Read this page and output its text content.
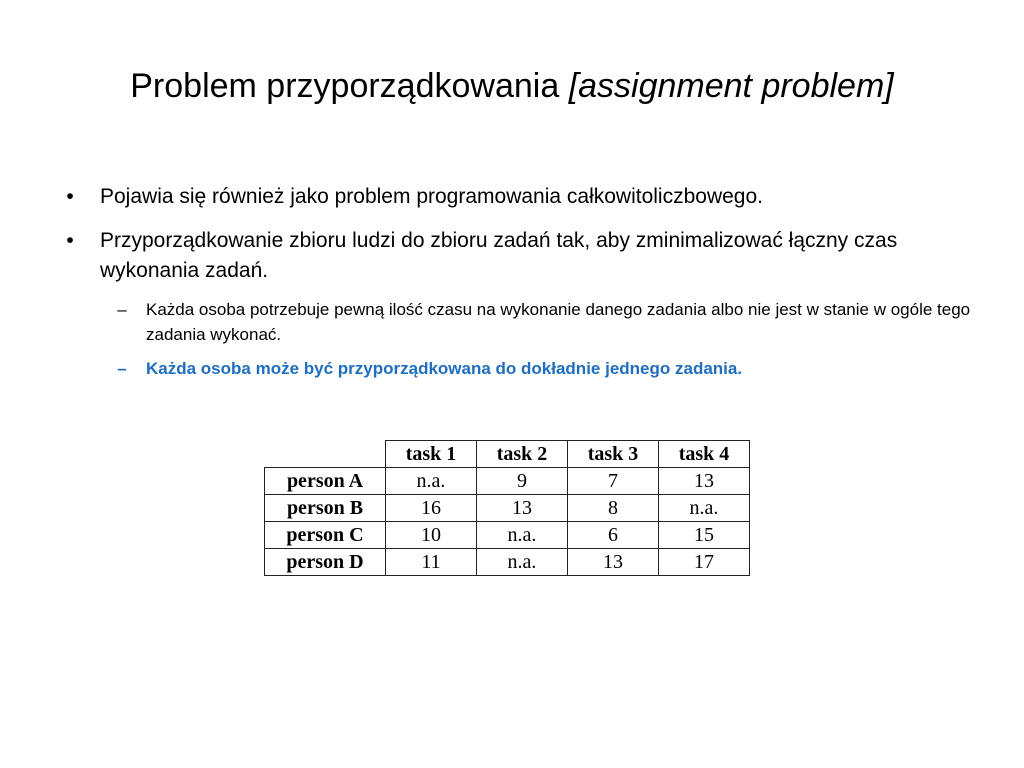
Problem przyporządkowania [assignment problem]
•	Pojawia się również jako problem programowania całkowitoliczbowego.
•	Przyporządkowanie zbioru ludzi do zbioru zadań tak, aby zminimalizować łączny czas wykonania zadań.
–	Każda osoba potrzebuje pewną ilość czasu na wykonanie danego zadania albo nie jest w stanie w ogóle tego zadania wykonać.
–	Każda osoba może być przyporządkowana do dokładnie jednego zadania.
	task 1	task 2	task 3	task 4
person A	n.a.	9	7	13
person B	16	13	8	n.a.
person C	10	n.a.	6	15
person D	11	n.a.	13	17
